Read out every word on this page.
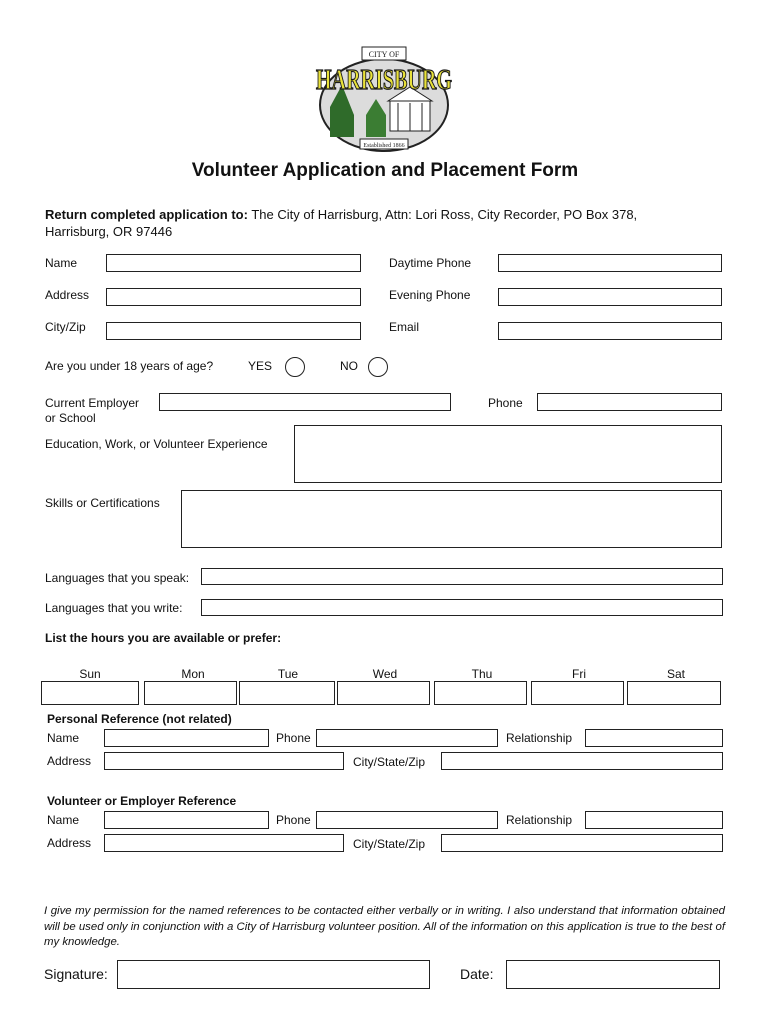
CITY OF
HARRISBURG
Established 1866
Volunteer Application and Placement Form
Return completed application to: The City of Harrisburg, Attn: Lori Ross, City Recorder, PO Box 378,
Harrisburg, OR 97446
Name	Daytime Phone
Address	Evening Phone
City/Zip	Email
Are you under 18 years of age?	YES	NO
Current Employer
or School
Phone
Education, Work, or Volunteer Experience
Skills or Certifications
Languages that you speak:
Languages that you write:
List the hours you are available or prefer:
Sun	Mon	Tue	Wed	Thu	Fri	Sat
Personal Reference (not related)
Name	Phone	Relationship
Address	City/State/Zip
Volunteer or Employer Reference
Name	Phone	Relationship
Address	City/State/Zip
I give my permission for the named references to be contacted either verbally or in writing. I also understand that information obtained will be used only in conjunction with a City of Harrisburg volunteer position. All of the information on this application is true to the best of my knowledge.
Signature:	Date:
